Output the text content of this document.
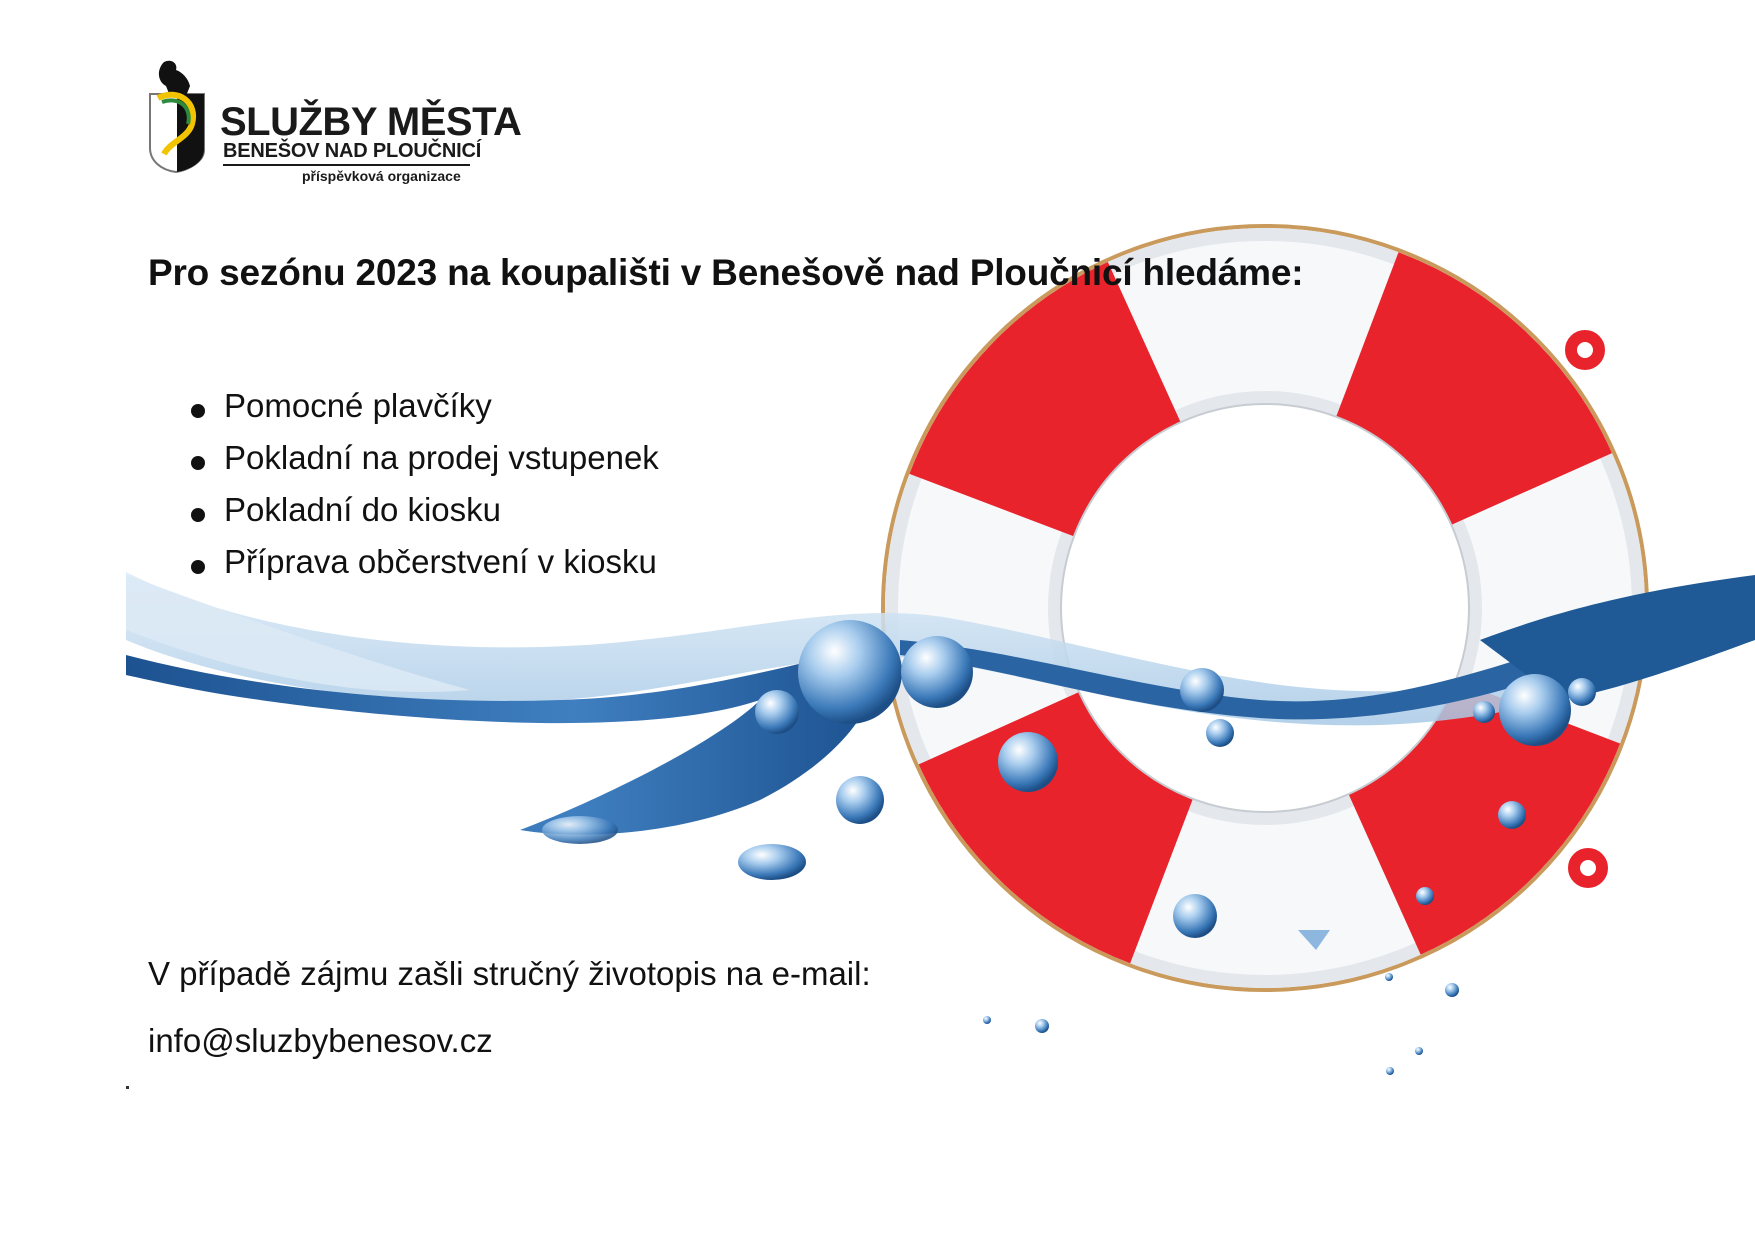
SLUŽBY MĚSTA
BENEŠOV NAD PLOUČNICÍ
příspěvková organizace
Pro sezónu 2023 na koupališti v Benešově nad Ploučnicí hledáme:
Pomocné plavčíky
Pokladní na prodej vstupenek
Pokladní do kiosku
Příprava občerstvení v kiosku
V případě zájmu zašli stručný životopis na e-mail:
info@sluzbybenesov.cz
